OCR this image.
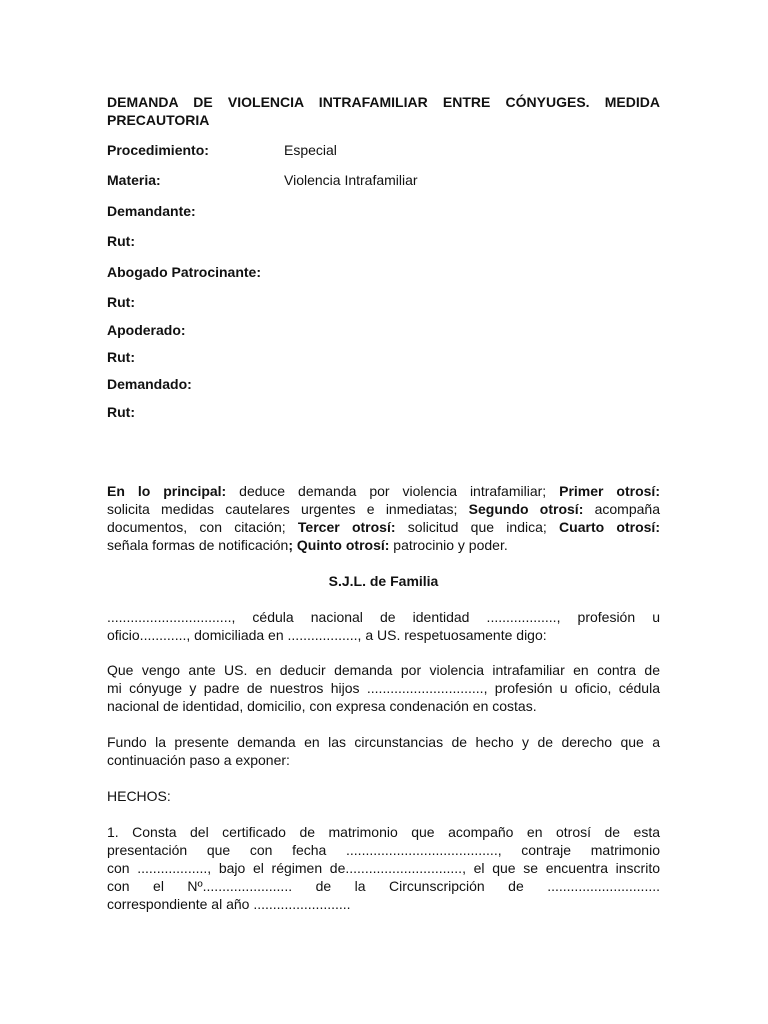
DEMANDA DE VIOLENCIA INTRAFAMILIAR ENTRE CÓNYUGES. MEDIDA
PRECAUTORIA
Procedimiento:	Especial
Materia:	Violencia Intrafamiliar
Demandante:
Rut:
Abogado Patrocinante:
Rut:
Apoderado:
Rut:
Demandado:
Rut:
En lo principal: deduce demanda por violencia intrafamiliar; Primer otrosí:
solicita medidas cautelares urgentes e inmediatas; Segundo otrosí: acompaña
documentos, con citación; Tercer otrosí: solicitud que indica; Cuarto otrosí:
señala formas de notificación; Quinto otrosí: patrocinio y poder.
S.J.L. de Familia
................................, cédula nacional de identidad .................., profesión u
oficio............, domiciliada en .................., a US. respetuosamente digo:
Que vengo ante US. en deducir demanda por violencia intrafamiliar en contra de
mi cónyuge y padre de nuestros hijos .............................., profesión u oficio, cédula
nacional de identidad, domicilio, con expresa condenación en costas.
Fundo la presente demanda en las circunstancias de hecho y de derecho que a
continuación paso a exponer:
HECHOS:
1. Consta del certificado de matrimonio que acompaño en otrosí de esta
presentación que con fecha ......................................., contraje matrimonio
con .................., bajo el régimen de.............................., el que se encuentra inscrito
con el Nº....................... de la Circunscripción de .............................
correspondiente al año .........................
